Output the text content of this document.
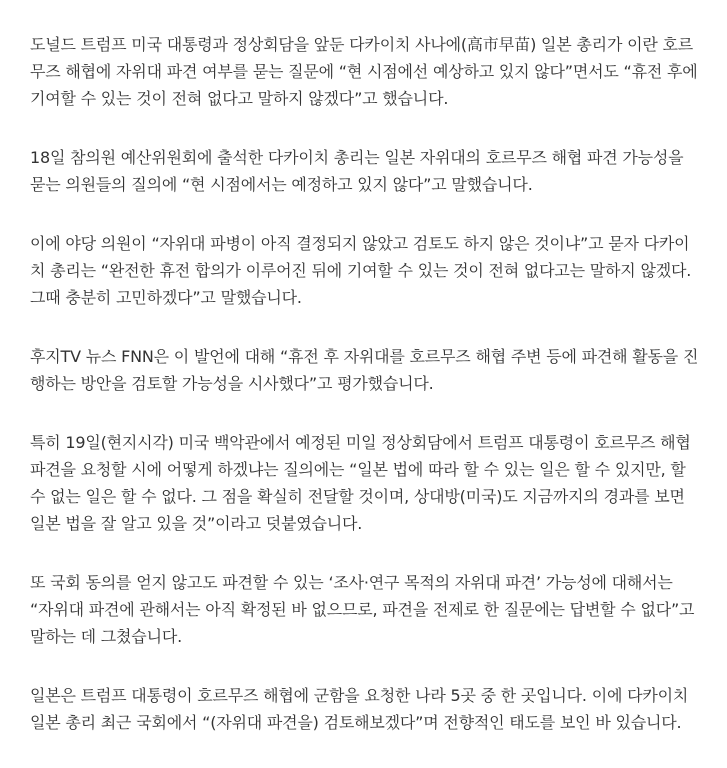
도널드 트럼프 미국 대통령과 정상회담을 앞둔 다카이치 사나에(高市早苗) 일본 총리가 이란 호르
무즈 해협에 자위대 파견 여부를 묻는 질문에 “현 시점에선 예상하고 있지 않다”면서도 “휴전 후에
기여할 수 있는 것이 전혀 없다고 말하지 않겠다”고 했습니다.

18일 참의원 예산위원회에 출석한 다카이치 총리는 일본 자위대의 호르무즈 해협 파견 가능성을
묻는 의원들의 질의에 “현 시점에서는 예정하고 있지 않다”고 말했습니다.

이에 야당 의원이 “자위대 파병이 아직 결정되지 않았고 검토도 하지 않은 것이냐”고 묻자 다카이
치 총리는 “완전한 휴전 합의가 이루어진 뒤에 기여할 수 있는 것이 전혀 없다고는 말하지 않겠다.
그때 충분히 고민하겠다”고 말했습니다.

후지TV 뉴스 FNN은 이 발언에 대해 “휴전 후 자위대를 호르무즈 해협 주변 등에 파견해 활동을 진
행하는 방안을 검토할 가능성을 시사했다”고 평가했습니다.

특히 19일(현지시각) 미국 백악관에서 예정된 미일 정상회담에서 트럼프 대통령이 호르무즈 해협
파견을 요청할 시에 어떻게 하겠냐는 질의에는 “일본 법에 따라 할 수 있는 일은 할 수 있지만, 할
수 없는 일은 할 수 없다. 그 점을 확실히 전달할 것이며, 상대방(미국)도 지금까지의 경과를 보면
일본 법을 잘 알고 있을 것”이라고 덧붙였습니다.

또 국회 동의를 얻지 않고도 파견할 수 있는 ‘조사·연구 목적의 자위대 파견’ 가능성에 대해서는
“자위대 파견에 관해서는 아직 확정된 바 없으므로, 파견을 전제로 한 질문에는 답변할 수 없다”고
말하는 데 그쳤습니다.

일본은 트럼프 대통령이 호르무즈 해협에 군함을 요청한 나라 5곳 중 한 곳입니다. 이에 다카이치
일본 총리 최근 국회에서 “(자위대 파견을) 검토해보겠다”며 전향적인 태도를 보인 바 있습니다.
